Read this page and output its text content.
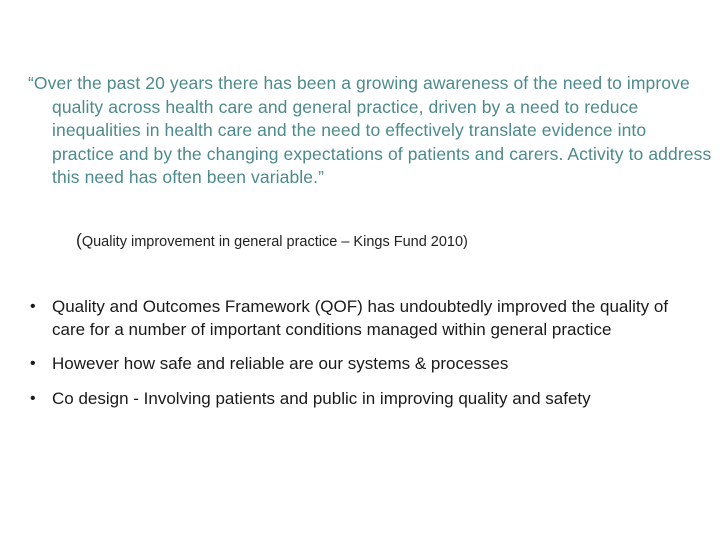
“Over the past 20 years there has been a growing awareness of the need to improve quality across health care and general practice, driven by a need to reduce inequalities in health care and the need to effectively translate evidence into practice and by the changing expectations of patients and carers. Activity to address this need has often been variable.”
(Quality improvement in general practice – Kings Fund 2010)
• Quality and Outcomes Framework (QOF) has undoubtedly improved the quality of care for a number of important conditions managed within general practice
• However how safe and reliable are our systems & processes
• Co design - Involving patients and public in improving quality and safety
